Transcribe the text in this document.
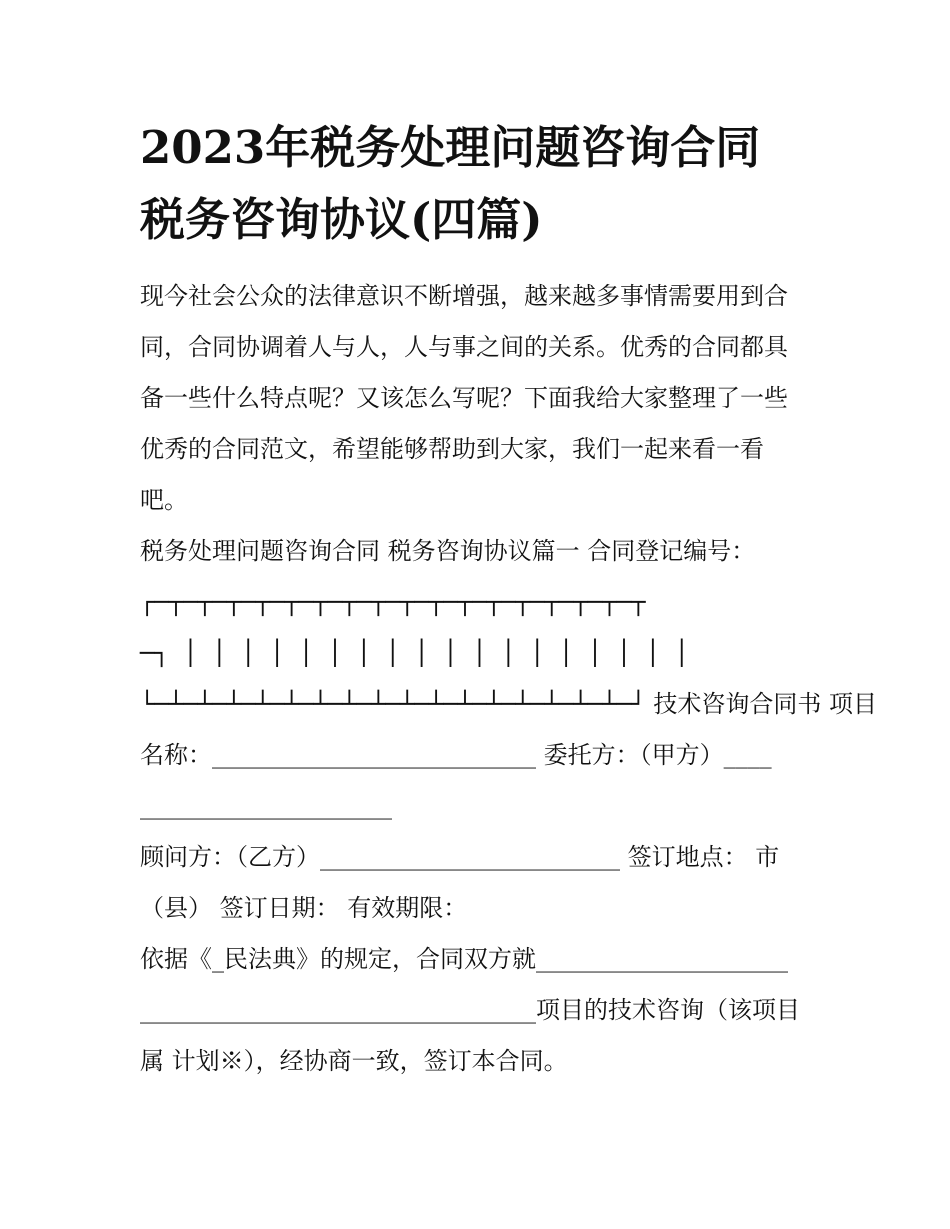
2023年税务处理问题咨询合同
税务咨询协议(四篇)

现今社会公众的法律意识不断增强，越来越多事情需要用到合

同，合同协调着人与人，人与事之间的关系。优秀的合同都具

备一些什么特点呢？又该怎么写呢？下面我给大家整理了一些

优秀的合同范文，希望能够帮助到大家，我们一起来看一看

吧。

税务处理问题咨询合同 税务咨询协议篇一 合同登记编号：

┌─┬─┬─┬─┬─┬─┬─┬─┬─┬─┬─┬─┬─┬─┬─┬─┬─┬

─┐ │ │ │ │ │ │ │ │ │ │ │ │ │ │ │ │ │ │

└─┴─┴─┴─┴─┴─┴─┴─┴─┴─┴─┴─┴─┴─┴─┴─┴─┘ 技术咨询合同书 项目

名称：___________________________ 委托方：（甲方）____

_____________________

顾问方：（乙方）_________________________ 签订地点： 市

（县） 签订日期： 有效期限：

依据《_民法典》的规定，合同双方就_____________________

_________________________________项目的技术咨询（该项目

属 计划※），经协商一致，签订本合同。
